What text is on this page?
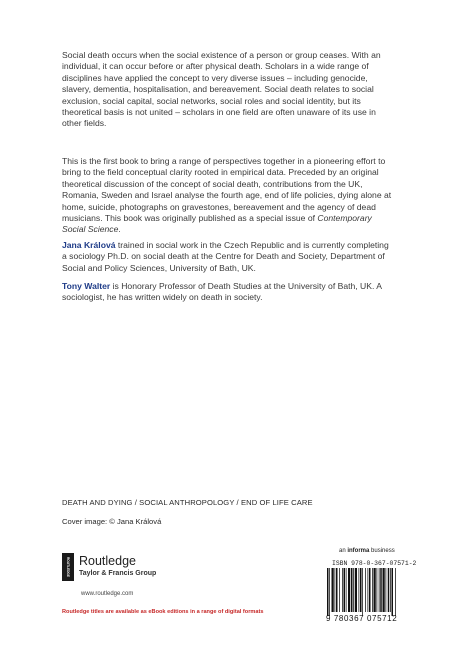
Social death occurs when the social existence of a person or group ceases. With an individual, it can occur before or after physical death. Scholars in a wide range of disciplines have applied the concept to very diverse issues – including genocide, slavery, dementia, hospitalisation, and bereavement. Social death relates to social exclusion, social capital, social networks, social roles and social identity, but its theoretical basis is not united – scholars in one field are often unaware of its use in other fields.

This is the first book to bring a range of perspectives together in a pioneering effort to bring to the field conceptual clarity rooted in empirical data. Preceded by an original theoretical discussion of the concept of social death, contributions from the UK, Romania, Sweden and Israel analyse the fourth age, end of life policies, dying alone at home, suicide, photographs on gravestones, bereavement and the agency of dead musicians. This book was originally published as a special issue of Contemporary Social Science.

Jana Králová trained in social work in the Czech Republic and is currently completing a sociology Ph.D. on social death at the Centre for Death and Society, Department of Social and Policy Sciences, University of Bath, UK.

Tony Walter is Honorary Professor of Death Studies at the University of Bath, UK. A sociologist, he has written widely on death in society.

DEATH AND DYING / SOCIAL ANTHROPOLOGY / END OF LIFE CARE
Cover image: © Jana Králová
ROUTLEDGE Routledge
Taylor & Francis Group
www.routledge.com
an informa business
ISBN 978-0-367-07571-2
9 780367 075712
Routledge titles are available as eBook editions in a range of digital formats
